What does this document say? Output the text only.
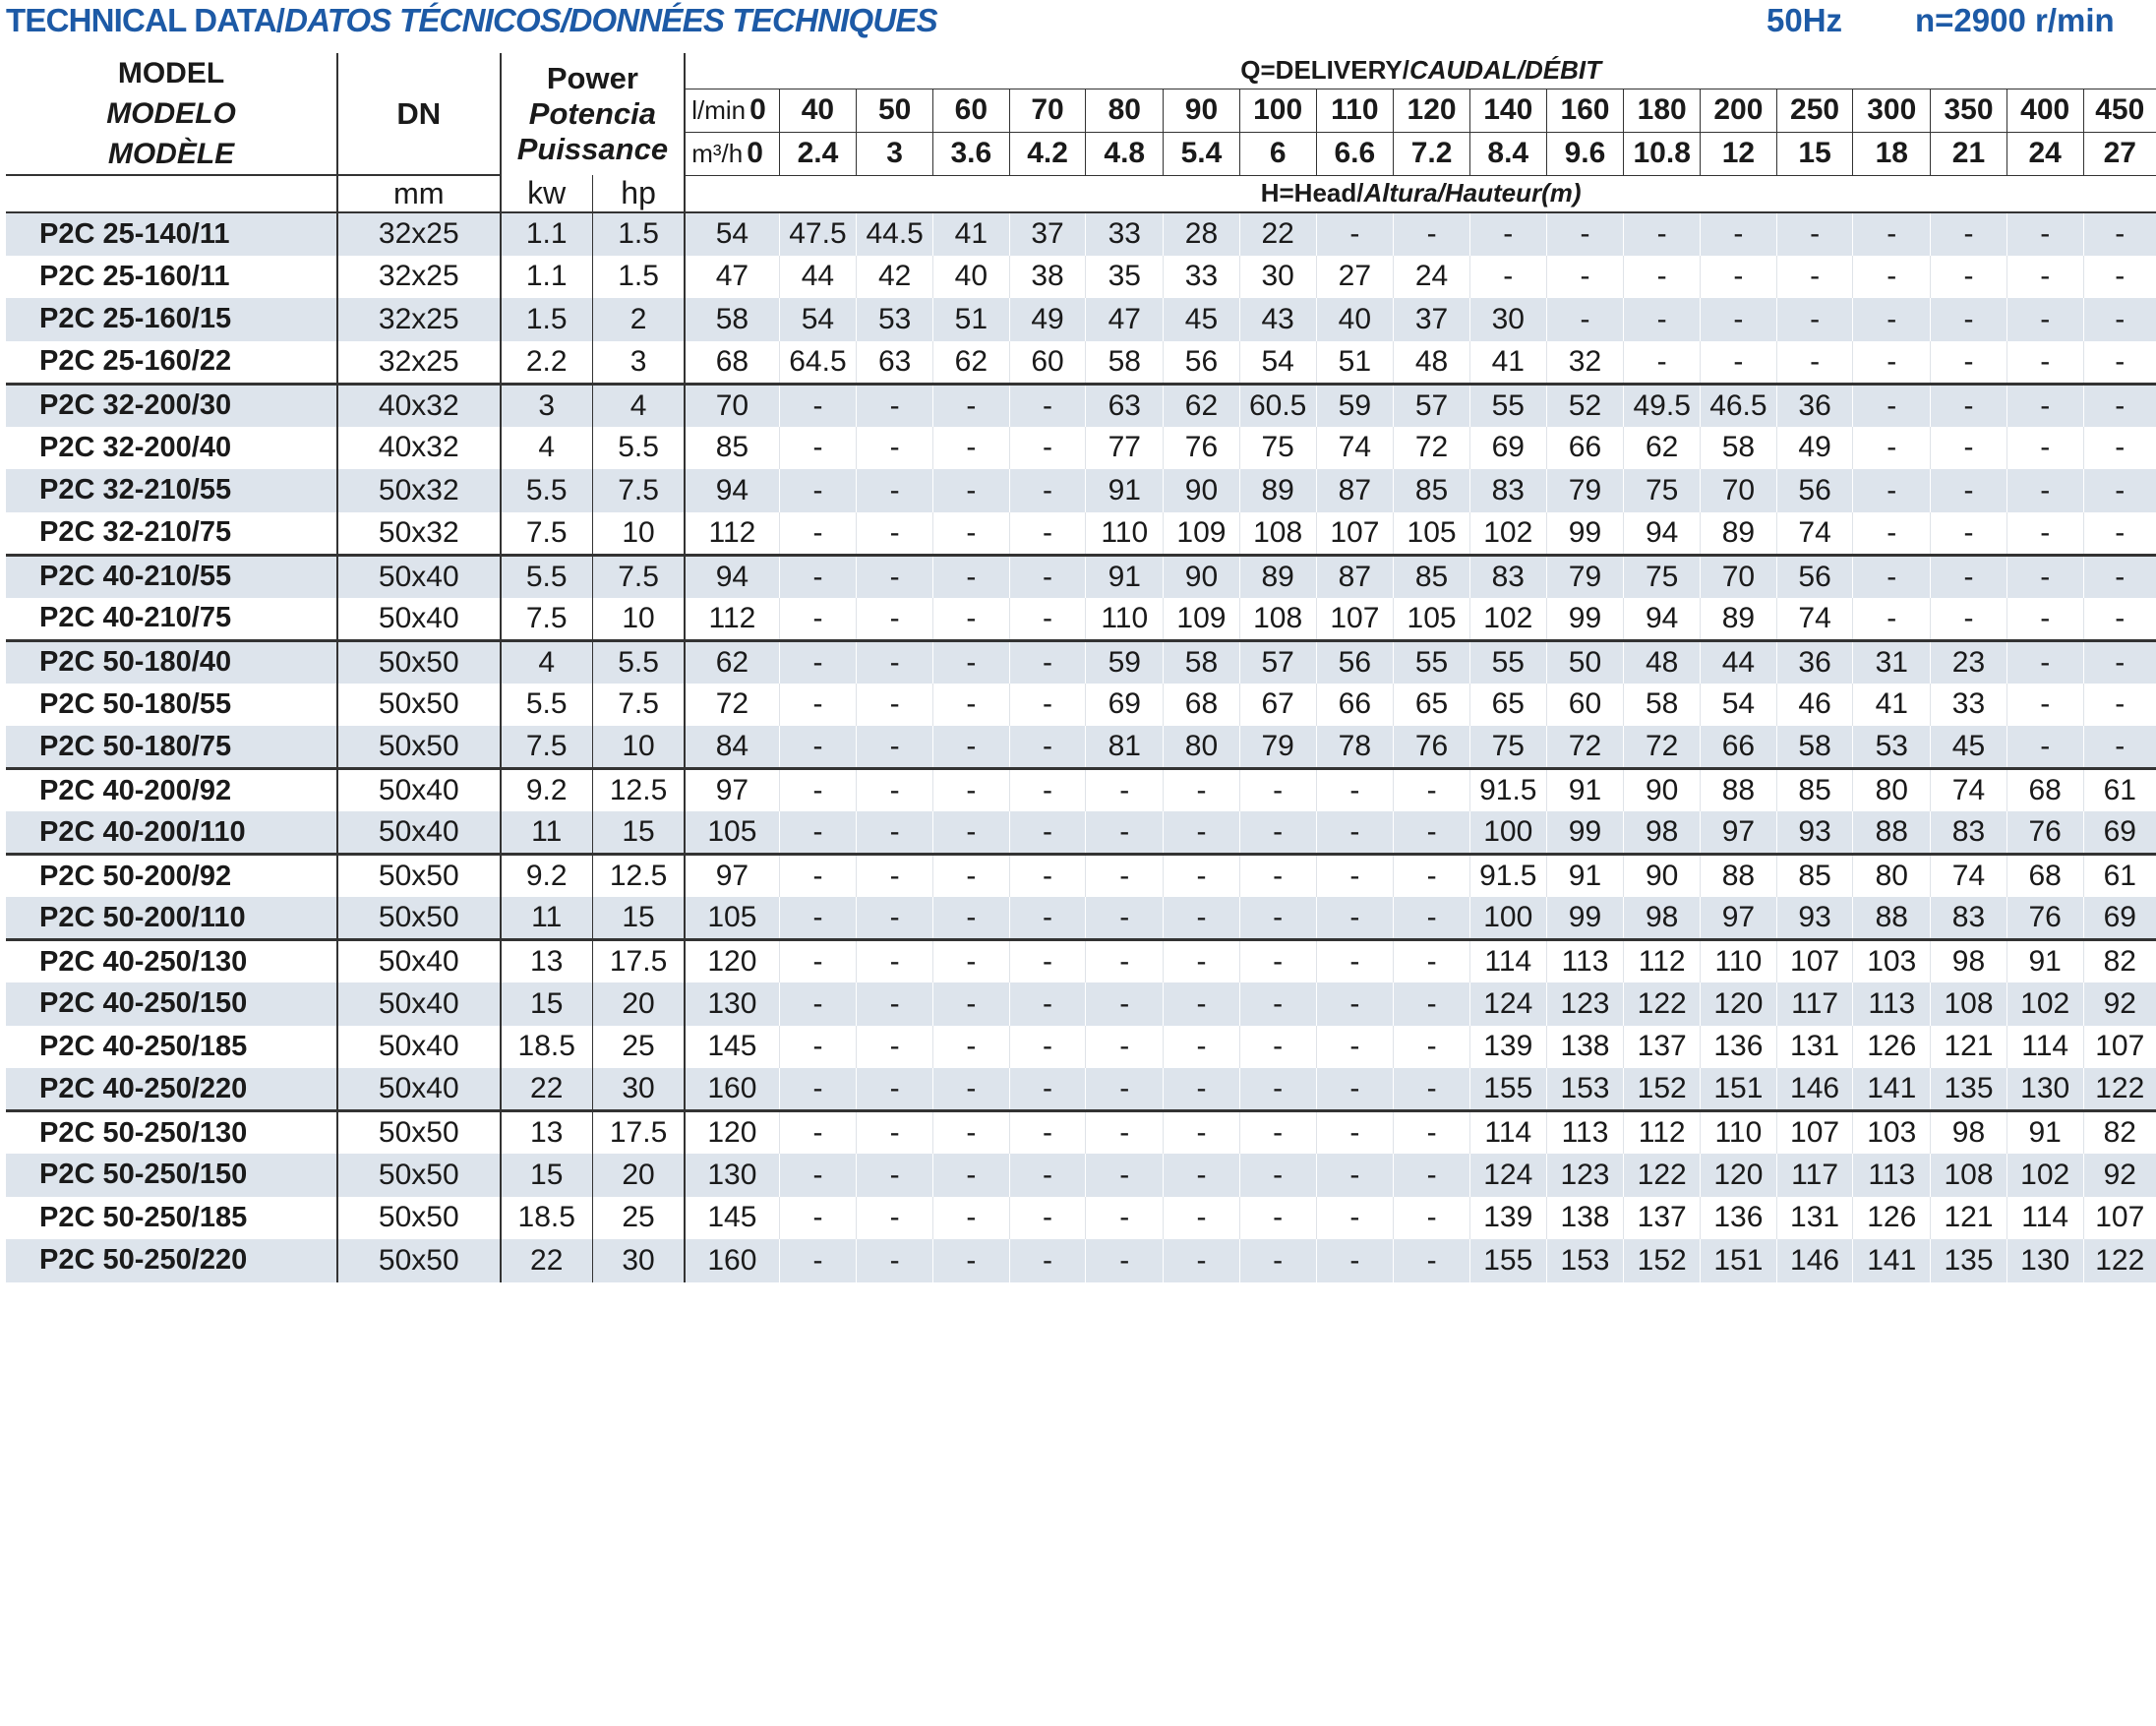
TECHNICAL DATA/DATOS TÉCNICOS/DONNÉES TECHNIQUES	50Hz n=2900 r/min
MODEL
MODELO
MODÈLE	DN	Power
Potencia
Puissance		Q=DELIVERY/CAUDAL/DÉBIT																		
				l/min 0	40	50	60	70	80	90	100	110	120	140	160	180	200	250	300	350	400	450
				m³/h 0	2.4	3	3.6	4.2	4.8	5.4	6	6.6	7.2	8.4	9.6	10.8	12	15	18	21	24	27
	mm	kw	hp	H=Head/Altura/Hauteur(m)																		
P2C 25-140/11	32x25	1.1	1.5	54	47.5	44.5	41	37	33	28	22	-	-	-	-	-	-	-	-	-	-	-
P2C 25-160/11	32x25	1.1	1.5	47	44	42	40	38	35	33	30	27	24	-	-	-	-	-	-	-	-	-
P2C 25-160/15	32x25	1.5	2	58	54	53	51	49	47	45	43	40	37	30	-	-	-	-	-	-	-	-
P2C 25-160/22	32x25	2.2	3	68	64.5	63	62	60	58	56	54	51	48	41	32	-	-	-	-	-	-	-
P2C 32-200/30	40x32	3	4	70	-	-	-	-	63	62	60.5	59	57	55	52	49.5	46.5	36	-	-	-	-
P2C 32-200/40	40x32	4	5.5	85	-	-	-	-	77	76	75	74	72	69	66	62	58	49	-	-	-	-
P2C 32-210/55	50x32	5.5	7.5	94	-	-	-	-	91	90	89	87	85	83	79	75	70	56	-	-	-	-
P2C 32-210/75	50x32	7.5	10	112	-	-	-	-	110	109	108	107	105	102	99	94	89	74	-	-	-	-
P2C 40-210/55	50x40	5.5	7.5	94	-	-	-	-	91	90	89	87	85	83	79	75	70	56	-	-	-	-
P2C 40-210/75	50x40	7.5	10	112	-	-	-	-	110	109	108	107	105	102	99	94	89	74	-	-	-	-
P2C 50-180/40	50x50	4	5.5	62	-	-	-	-	59	58	57	56	55	55	50	48	44	36	31	23	-	-
P2C 50-180/55	50x50	5.5	7.5	72	-	-	-	-	69	68	67	66	65	65	60	58	54	46	41	33	-	-
P2C 50-180/75	50x50	7.5	10	84	-	-	-	-	81	80	79	78	76	75	72	72	66	58	53	45	-	-
P2C 40-200/92	50x40	9.2	12.5	97	-	-	-	-	-	-	-	-	-	91.5	91	90	88	85	80	74	68	61
P2C 40-200/110	50x40	11	15	105	-	-	-	-	-	-	-	-	-	100	99	98	97	93	88	83	76	69
P2C 50-200/92	50x50	9.2	12.5	97	-	-	-	-	-	-	-	-	-	91.5	91	90	88	85	80	74	68	61
P2C 50-200/110	50x50	11	15	105	-	-	-	-	-	-	-	-	-	100	99	98	97	93	88	83	76	69
P2C 40-250/130	50x40	13	17.5	120	-	-	-	-	-	-	-	-	-	114	113	112	110	107	103	98	91	82
P2C 40-250/150	50x40	15	20	130	-	-	-	-	-	-	-	-	-	124	123	122	120	117	113	108	102	92
P2C 40-250/185	50x40	18.5	25	145	-	-	-	-	-	-	-	-	-	139	138	137	136	131	126	121	114	107
P2C 40-250/220	50x40	22	30	160	-	-	-	-	-	-	-	-	-	155	153	152	151	146	141	135	130	122
P2C 50-250/130	50x50	13	17.5	120	-	-	-	-	-	-	-	-	-	114	113	112	110	107	103	98	91	82
P2C 50-250/150	50x50	15	20	130	-	-	-	-	-	-	-	-	-	124	123	122	120	117	113	108	102	92
P2C 50-250/185	50x50	18.5	25	145	-	-	-	-	-	-	-	-	-	139	138	137	136	131	126	121	114	107
P2C 50-250/220	50x50	22	30	160	-	-	-	-	-	-	-	-	-	155	153	152	151	146	141	135	130	122
